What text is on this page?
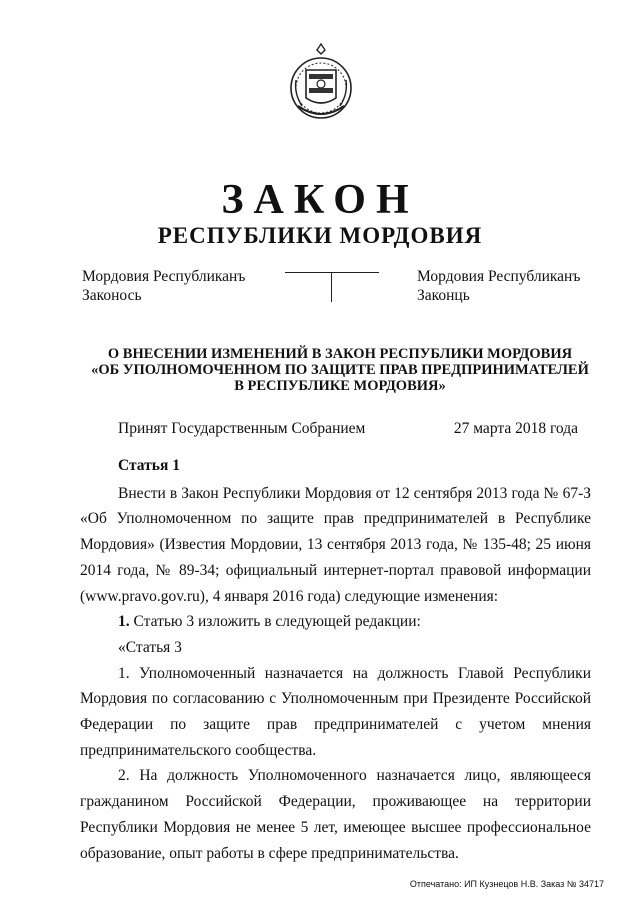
ЗАКОН
РЕСПУБЛИКИ МОРДОВИЯ
Мордовия Республиканъ
Законось
Мордовия Республиканъ
Законць
О ВНЕСЕНИИ ИЗМЕНЕНИЙ В ЗАКОН РЕСПУБЛИКИ МОРДОВИЯ
«ОБ УПОЛНОМОЧЕННОМ ПО ЗАЩИТЕ ПРАВ ПРЕДПРИНИМАТЕЛЕЙ
В РЕСПУБЛИКЕ МОРДОВИЯ»
Принят Государственным Собранием	27 марта 2018 года

Статья 1

Внести в Закон Республики Мордовия от 12 сентября 2013 года № 67-З «Об Уполномоченном по защите прав предпринимателей в Республике Мордовия» (Известия Мордовии, 13 сентября 2013 года, № 135-48; 25 июня 2014 года, № 89-34; официальный интернет-портал правовой информации (www.pravo.gov.ru), 4 января 2016 года) следующие изменения:

1. Статью 3 изложить в следующей редакции:

«Статья 3

1. Уполномоченный назначается на должность Главой Республики Мордовия по согласованию с Уполномоченным при Президенте Российской Федерации по защите прав предпринимателей с учетом мнения предпринимательского сообщества.

2. На должность Уполномоченного назначается лицо, являющееся гражданином Российской Федерации, проживающее на территории Республики Мордовия не менее 5 лет, имеющее высшее профессиональное образование, опыт работы в сфере предпринимательства.

Отпечатано: ИП Кузнецов Н.В. Заказ № 34717
